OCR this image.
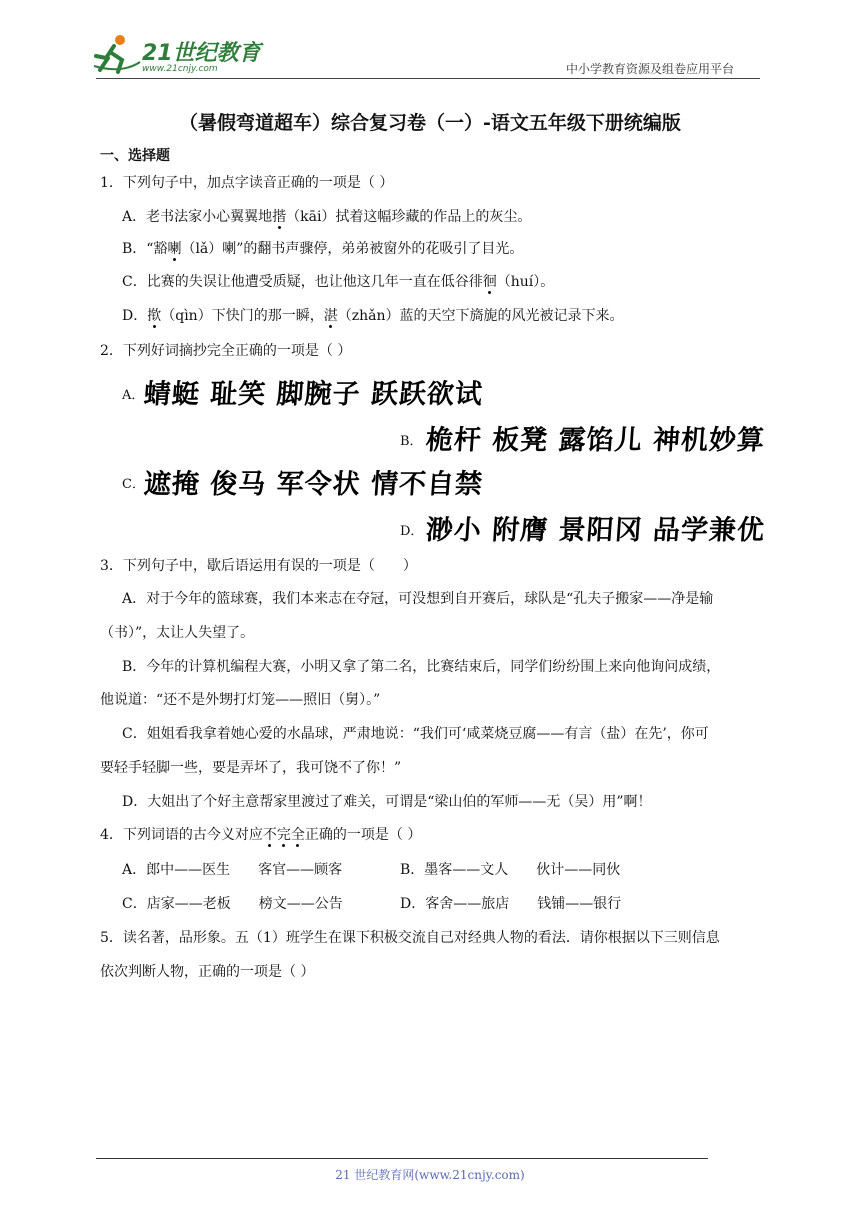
21世纪教育
www.21cnjy.com	中小学教育资源及组卷应用平台
（暑假弯道超车）综合复习卷（一）-语文五年级下册统编版
一、选择题
1．下列句子中，加点字读音正确的一项是（ ）
A．老书法家小心翼翼地揩（kāi）拭着这幅珍藏的作品上的灰尘。
B．“豁喇（lǎ）喇”的翻书声骤停，弟弟被窗外的花吸引了目光。
C．比赛的失误让他遭受质疑，也让他这几年一直在低谷徘徊（huí）。
D．揿（qìn）下快门的那一瞬，湛（zhǎn）蓝的天空下旖旎的风光被记录下来。
2．下列好词摘抄完全正确的一项是（ ）
A．
蜻蜓 耻笑 脚腕子 跃跃欲试
B． 桅杆 板凳 露馅儿 神机妙算
C．
遮掩 俊马 军令状 情不自禁
D． 渺小 附膺 景阳冈 品学兼优
3．下列句子中，歇后语运用有误的一项是（　　）
A．对于今年的篮球赛，我们本来志在夺冠，可没想到自开赛后，球队是“孔夫子搬家——净是输
（书）”，太让人失望了。
B．今年的计算机编程大赛，小明又拿了第二名，比赛结束后，同学们纷纷围上来向他询问成绩，
他说道：“还不是外甥打灯笼——照旧（舅）。”
C．姐姐看我拿着她心爱的水晶球，严肃地说：“我们可‘咸菜烧豆腐——有言（盐）在先’，你可
要轻手轻脚一些，要是弄坏了，我可饶不了你！”
D．大姐出了个好主意帮家里渡过了难关，可谓是“梁山伯的军师——无（吴）用”啊！
4．下列词语的古今义对应不完全正确的一项是（ ）
A．郎中——医生　　客官——顾客	B．墨客——文人　　伙计——同伙
C．店家——老板　　榜文——公告	D．客舍——旅店　　钱铺——银行
5．读名著，品形象。五（1）班学生在课下积极交流自己对经典人物的看法．请你根据以下三则信息
依次判断人物，正确的一项是（ ）
21 世纪教育网(www.21cnjy.com)
